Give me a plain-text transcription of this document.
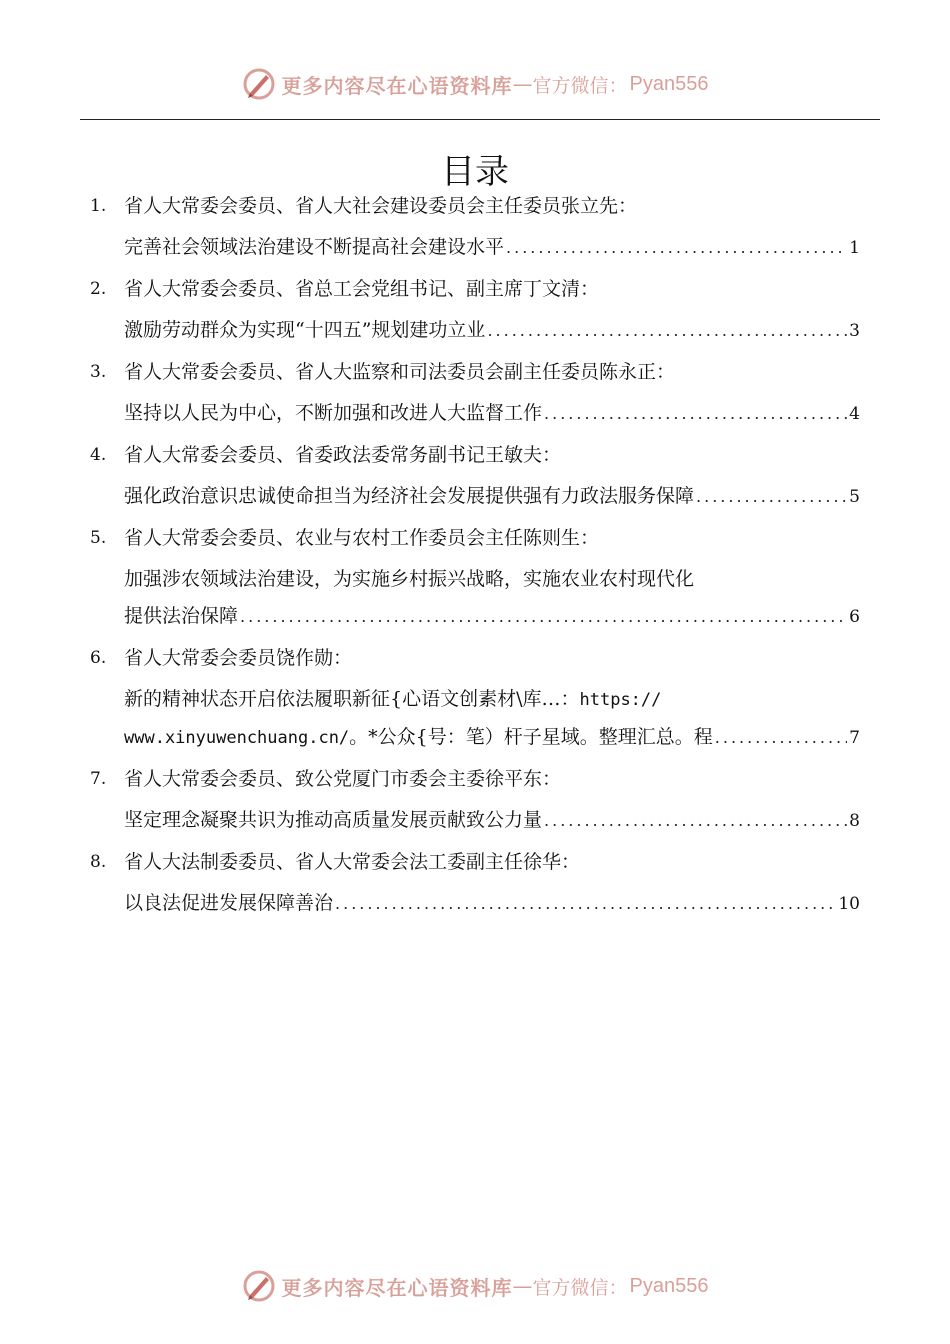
更多内容尽在心语资料库 — 官方微信： Pyan556
目录
1. 省人大常委会委员、省人大社会建设委员会主任委员张立先：
完善社会领域法治建设不断提高社会建设水平 .....	1
2. 省人大常委会委员、省总工会党组书记、副主席丁文清：
激励劳动群众为实现“十四五”规划建功立业 .....	3
3. 省人大常委会委员、省人大监察和司法委员会副主任委员陈永正：
坚持以人民为中心，不断加强和改进人大监督工作 .....	4
4. 省人大常委会委员、省委政法委常务副书记王敏夫：
强化政治意识忠诚使命担当为经济社会发展提供强有力政法服务保障 .....	5
5. 省人大常委会委员、农业与农村工作委员会主任陈则生：
加强涉农领域法治建设，为实施乡村振兴战略，实施农业农村现代化
提供法治保障 .....	6
6. 省人大常委会委员饶作勋：
新的精神状态开启依法履职新征{心语文创素材\库…：https://
www.xinyuwenchuang.cn/。*公众{号：笔）杆子星域。整理汇总。程 .....	7
7. 省人大常委会委员、致公党厦门市委会主委徐平东：
坚定理念凝聚共识为推动高质量发展贡献致公力量 .....	8
8. 省人大法制委委员、省人大常委会法工委副主任徐华：
以良法促进发展保障善治 .....	10
更多内容尽在心语资料库 — 官方微信： Pyan556
